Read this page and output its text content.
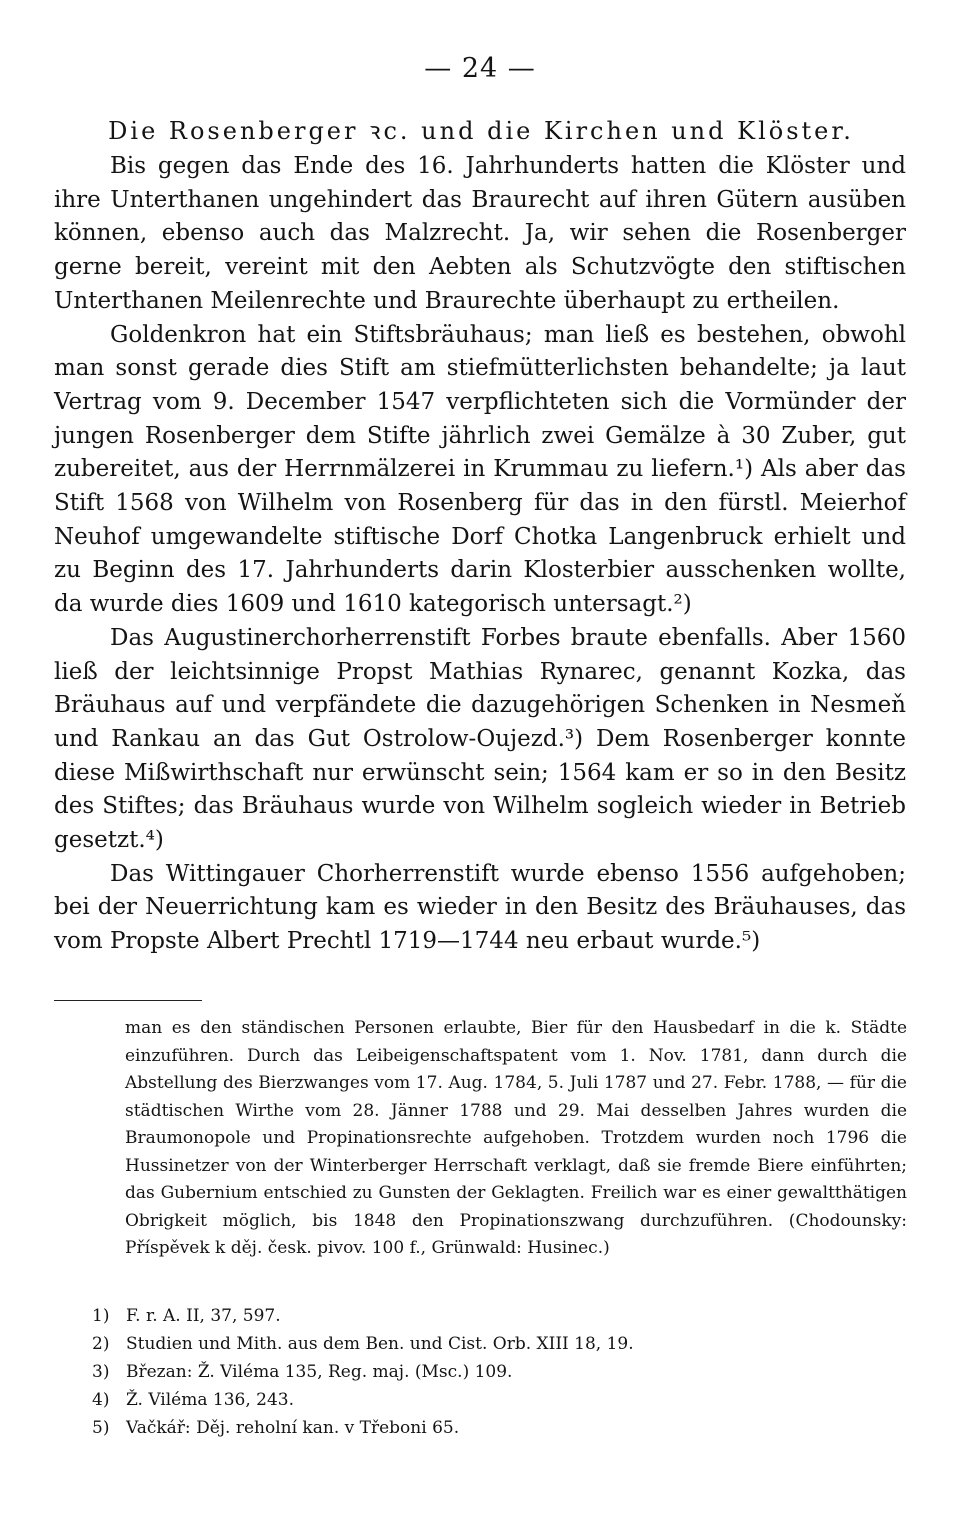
— 24 —
Die Rosenberger ꝛc. und die Kirchen und Klöster.

Bis gegen das Ende des 16. Jahrhunderts hatten die Klöster und ihre Unterthanen ungehindert das Braurecht auf ihren Gütern ausüben können, ebenso auch das Malzrecht. Ja, wir sehen die Rosenberger gerne bereit, vereint mit den Aebten als Schutzvögte den stiftischen Unterthanen Meilenrechte und Braurechte überhaupt zu ertheilen.

Goldenkron hat ein Stiftsbräuhaus; man ließ es bestehen, obwohl man sonst gerade dies Stift am stiefmütterlichsten behandelte; ja laut Vertrag vom 9. December 1547 verpflichteten sich die Vormünder der jungen Rosenberger dem Stifte jährlich zwei Gemälze à 30 Zuber, gut zubereitet, aus der Herrnmälzerei in Krummau zu liefern.¹) Als aber das Stift 1568 von Wilhelm von Rosenberg für das in den fürstl. Meierhof Neuhof umgewandelte stiftische Dorf Chotka Langenbruck erhielt und zu Beginn des 17. Jahrhunderts darin Klosterbier ausschenken wollte, da wurde dies 1609 und 1610 kategorisch untersagt.²)

Das Augustinerchorherrenstift Forbes braute ebenfalls. Aber 1560 ließ der leichtsinnige Propst Mathias Rynarec, genannt Kozka, das Bräuhaus auf und verpfändete die dazugehörigen Schenken in Nesmeň und Rankau an das Gut Ostrolow-Oujezd.³) Dem Rosenberger konnte diese Mißwirthschaft nur erwünscht sein; 1564 kam er so in den Besitz des Stiftes; das Bräuhaus wurde von Wilhelm sogleich wieder in Betrieb gesetzt.⁴)

Das Wittingauer Chorherrenstift wurde ebenso 1556 aufgehoben; bei der Neuerrichtung kam es wieder in den Besitz des Bräuhauses, das vom Propste Albert Prechtl 1719—1744 neu erbaut wurde.⁵)

man es den ständischen Personen erlaubte, Bier für den Hausbedarf in die k. Städte einzuführen. Durch das Leibeigenschaftspatent vom 1. Nov. 1781, dann durch die Abstellung des Bierzwanges vom 17. Aug. 1784, 5. Juli 1787 und 27. Febr. 1788, — für die städtischen Wirthe vom 28. Jänner 1788 und 29. Mai desselben Jahres wurden die Braumonopole und Propinationsrechte aufgehoben. Trotzdem wurden noch 1796 die Hussinetzer von der Winterberger Herrschaft verklagt, daß sie fremde Biere einführten; das Gubernium entschied zu Gunsten der Geklagten. Freilich war es einer gewaltthätigen Obrigkeit möglich, bis 1848 den Propinationszwang durchzuführen. (Chodounsky: Příspěvek k děj. česk. pivov. 100 f., Grünwald: Husinec.)

1) F. r. A. II, 37, 597.
2) Studien und Mith. aus dem Ben. und Cist. Orb. XIII 18, 19.
3) Březan: Ž. Viléma 135, Reg. maj. (Msc.) 109.
4) Ž. Viléma 136, 243.
5) Vačkář: Děj. reholní kan. v Třeboni 65.
